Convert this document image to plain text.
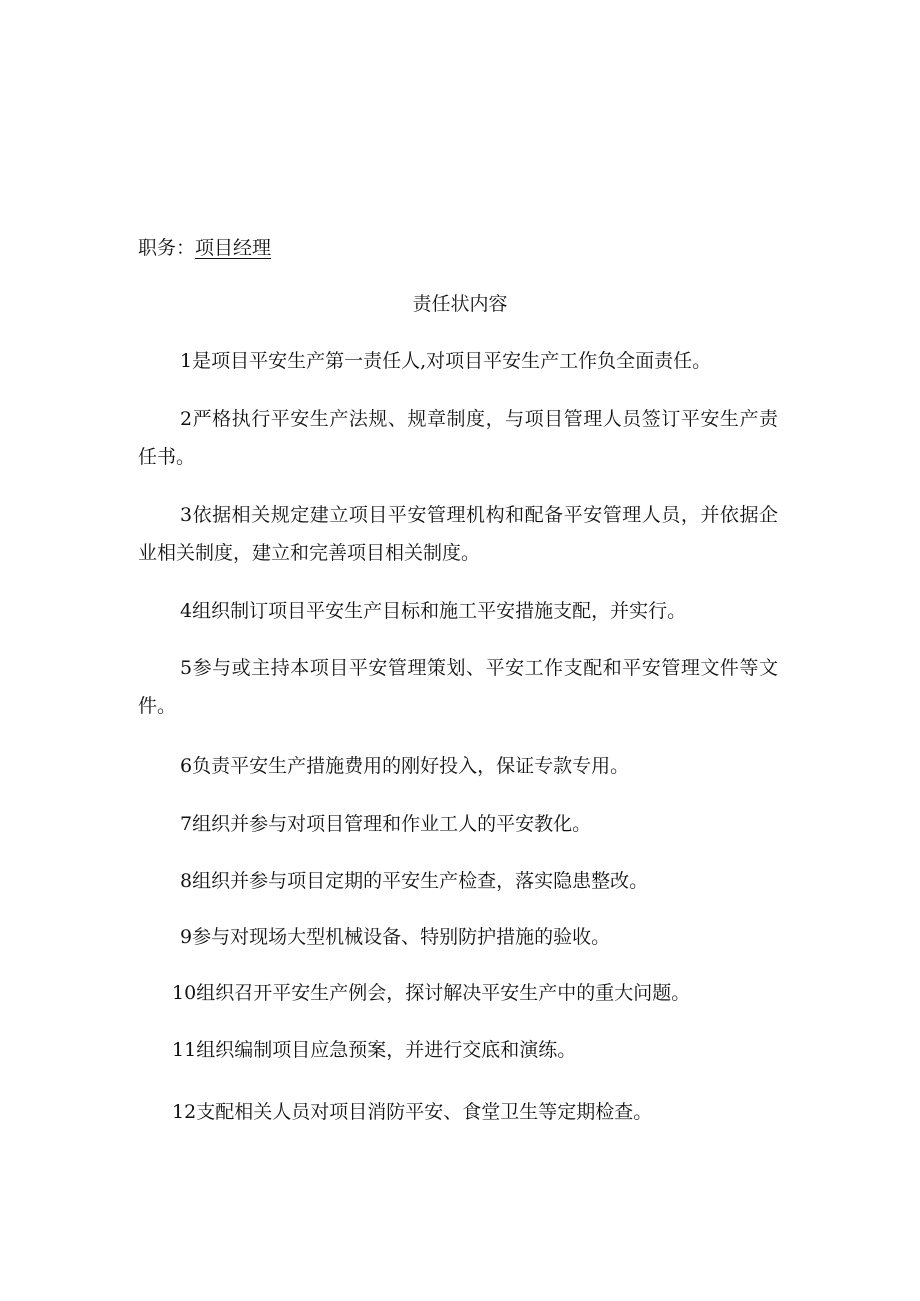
职务：项目经理
责任状内容
1是项目平安生产第一责任人,对项目平安生产工作负全面责任。
2严格执行平安生产法规、规章制度，与项目管理人员签订平安生产责任书。
3依据相关规定建立项目平安管理机构和配备平安管理人员，并依据企业相关制度，建立和完善项目相关制度。
4组织制订项目平安生产目标和施工平安措施支配，并实行。
5参与或主持本项目平安管理策划、平安工作支配和平安管理文件等文件。
6负责平安生产措施费用的刚好投入，保证专款专用。
7组织并参与对项目管理和作业工人的平安教化。
8组织并参与项目定期的平安生产检查，落实隐患整改。
9参与对现场大型机械设备、特别防护措施的验收。
10组织召开平安生产例会，探讨解决平安生产中的重大问题。
11组织编制项目应急预案，并进行交底和演练。
12支配相关人员对项目消防平安、食堂卫生等定期检查。
